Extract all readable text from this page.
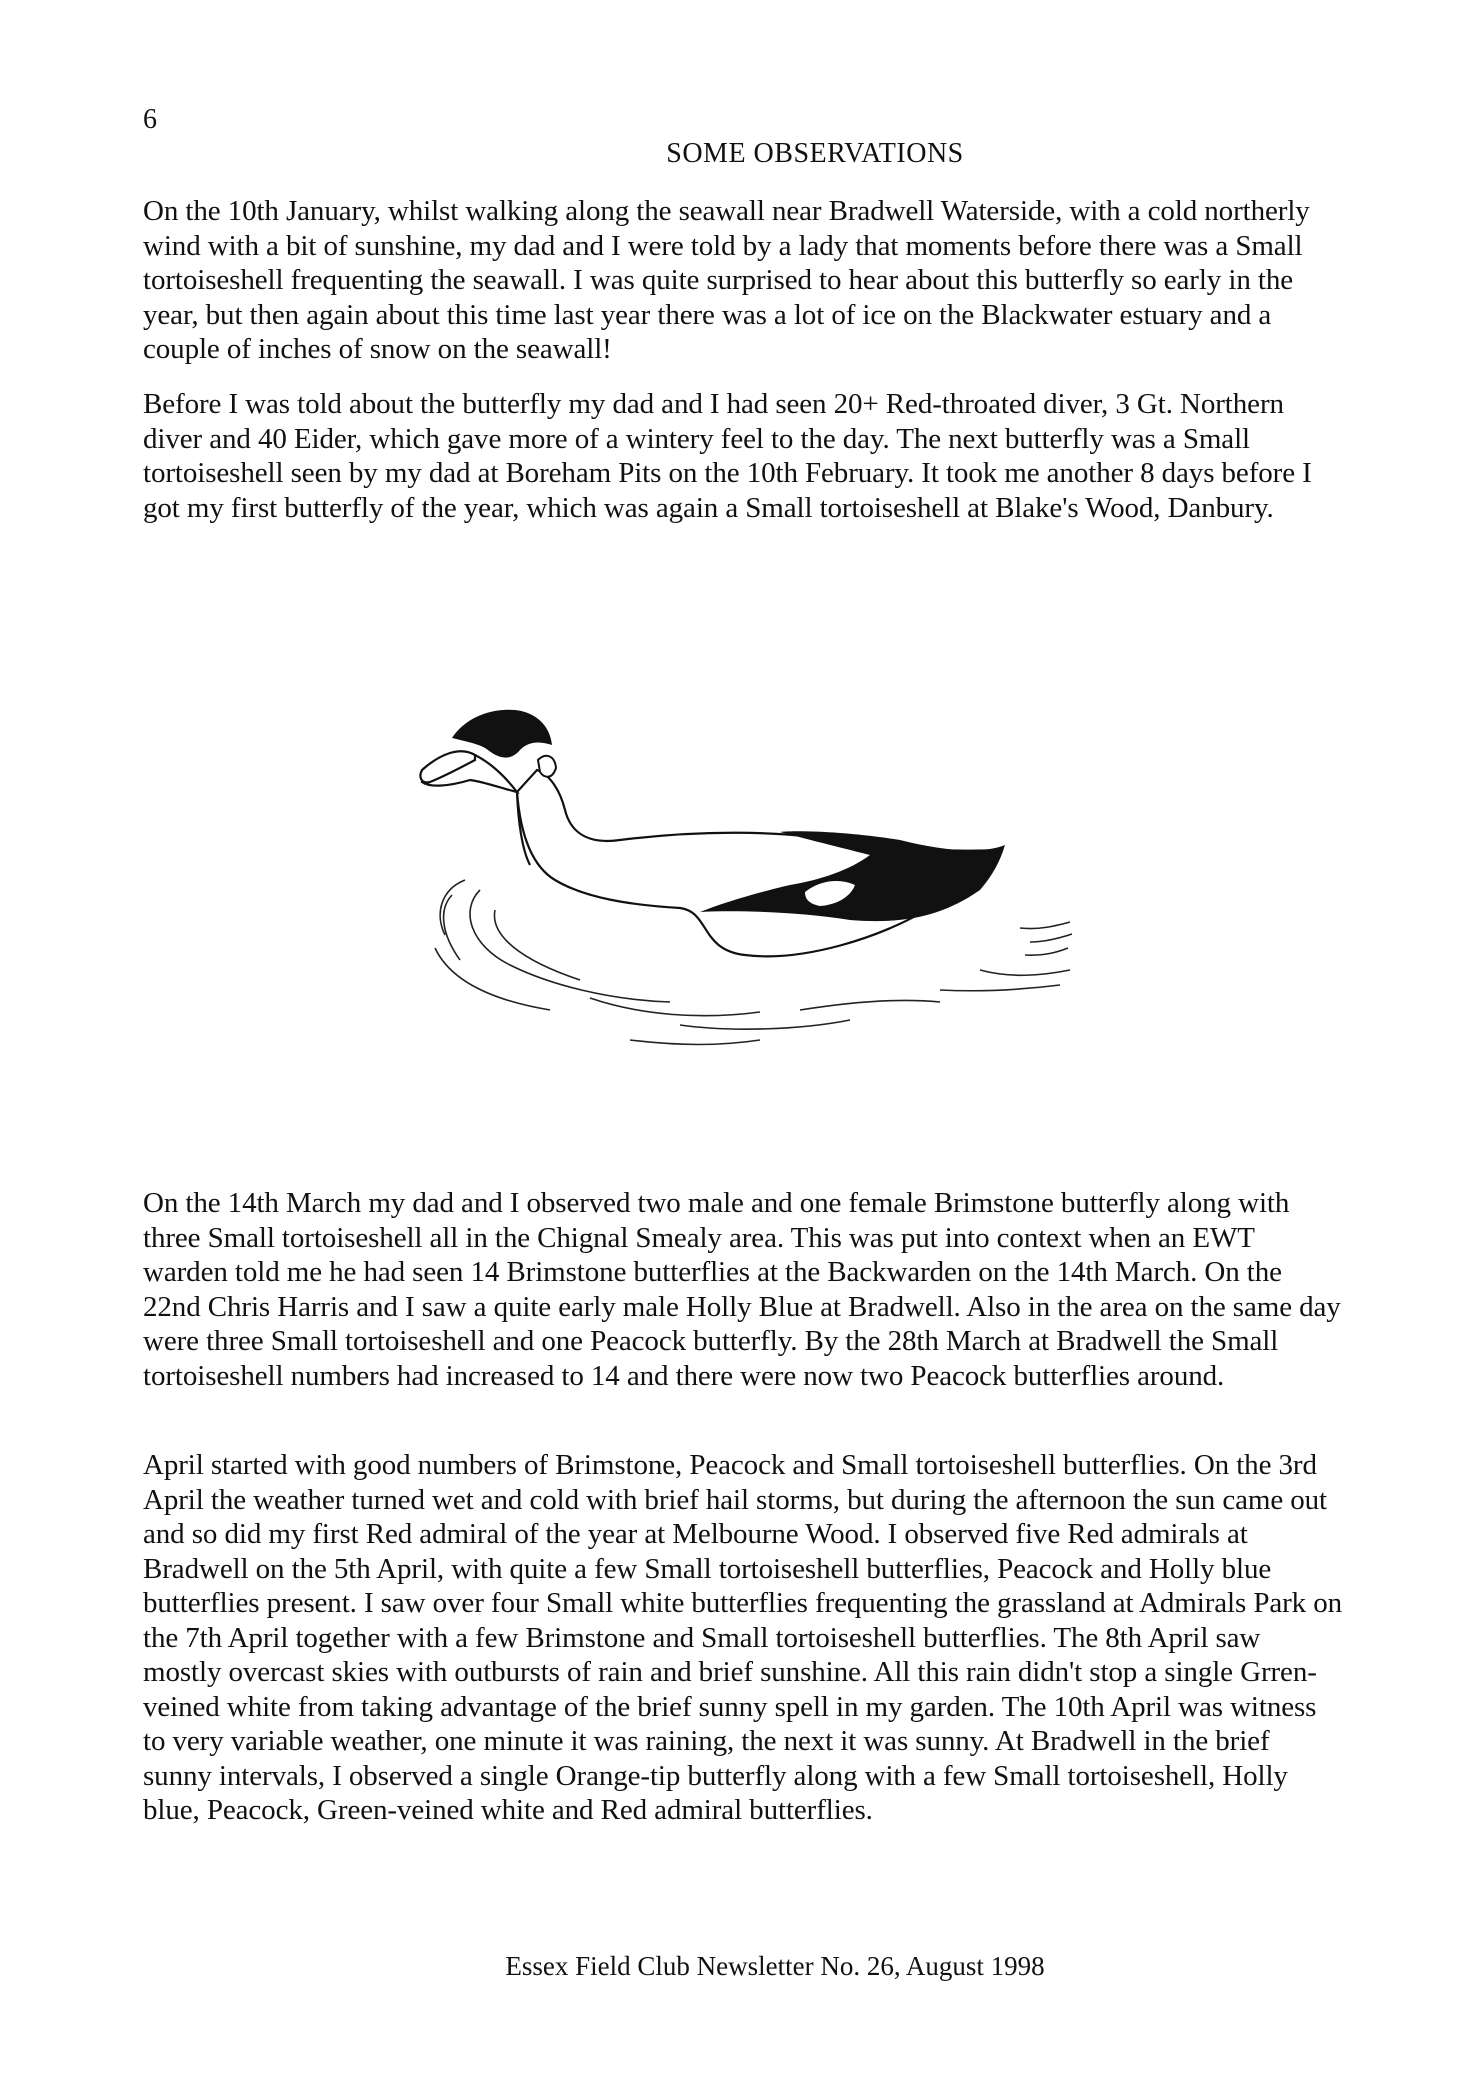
6
SOME OBSERVATIONS

On the 10th January, whilst walking along the seawall near Bradwell Waterside, with a cold northerly wind with a bit of sunshine, my dad and I were told by a lady that moments before there was a Small tortoiseshell frequenting the seawall. I was quite surprised to hear about this butterfly so early in the year, but then again about this time last year there was a lot of ice on the Blackwater estuary and a couple of inches of snow on the seawall!

Before I was told about the butterfly my dad and I had seen 20+ Red-throated diver, 3 Gt. Northern diver and 40 Eider, which gave more of a wintery feel to the day. The next butterfly was a Small tortoiseshell seen by my dad at Boreham Pits on the 10th February. It took me another 8 days before I got my first butterfly of the year, which was again a Small tortoiseshell at Blake's Wood, Danbury.

On the 14th March my dad and I observed two male and one female Brimstone butterfly along with three Small tortoiseshell all in the Chignal Smealy area. This was put into context when an EWT warden told me he had seen 14 Brimstone butterflies at the Backwarden on the 14th March. On the 22nd Chris Harris and I saw a quite early male Holly Blue at Bradwell. Also in the area on the same day were three Small tortoiseshell and one Peacock butterfly. By the 28th March at Bradwell the Small tortoiseshell numbers had increased to 14 and there were now two Peacock butterflies around.

April started with good numbers of Brimstone, Peacock and Small tortoiseshell butterflies. On the 3rd April the weather turned wet and cold with brief hail storms, but during the afternoon the sun came out and so did my first Red admiral of the year at Melbourne Wood. I observed five Red admirals at Bradwell on the 5th April, with quite a few Small tortoiseshell butterflies, Peacock and Holly blue butterflies present. I saw over four Small white butterflies frequenting the grassland at Admirals Park on the 7th April together with a few Brimstone and Small tortoiseshell butterflies. The 8th April saw mostly overcast skies with outbursts of rain and brief sunshine. All this rain didn't stop a single Grren-veined white from taking advantage of the brief sunny spell in my garden. The 10th April was witness to very variable weather, one minute it was raining, the next it was sunny. At Bradwell in the brief sunny intervals, I observed a single Orange-tip butterfly along with a few Small tortoiseshell, Holly blue, Peacock, Green-veined white and Red admiral butterflies.

Essex Field Club Newsletter No. 26, August 1998
